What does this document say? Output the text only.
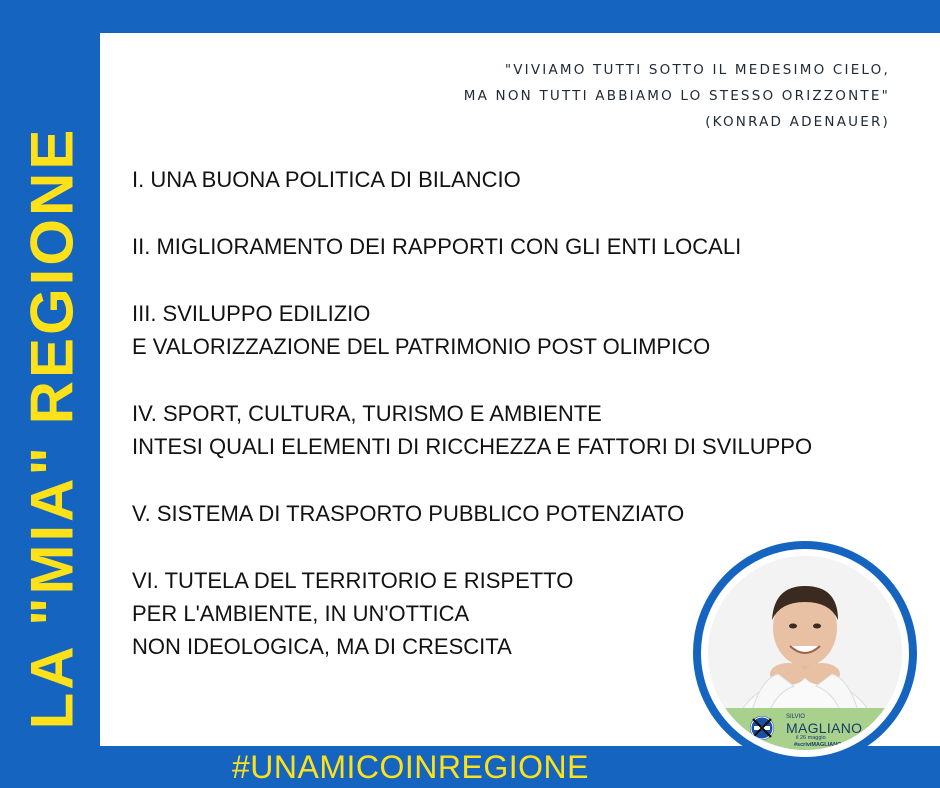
LA "MIA" REGIONE
"VIVIAMO TUTTI SOTTO IL MEDESIMO CIELO,
MA NON TUTTI ABBIAMO LO STESSO ORIZZONTE"
(KONRAD ADENAUER)
I. UNA BUONA POLITICA DI BILANCIO
II. MIGLIORAMENTO DEI RAPPORTI CON GLI ENTI LOCALI
III. SVILUPPO EDILIZIO
E VALORIZZAZIONE DEL PATRIMONIO POST OLIMPICO
IV. SPORT, CULTURA, TURISMO E AMBIENTE
INTESI QUALI ELEMENTI DI RICCHEZZA E FATTORI DI SVILUPPO
V. SISTEMA DI TRASPORTO PUBBLICO POTENZIATO
VI. TUTELA DEL TERRITORIO E RISPETTO
PER L'AMBIENTE, IN UN'OTTICA
NON IDEOLOGICA, MA DI CRESCITA
#UNAMICOINREGIONE
SILVIO
MAGLIANO
il 26 maggio
#scriviMAGLIANO
